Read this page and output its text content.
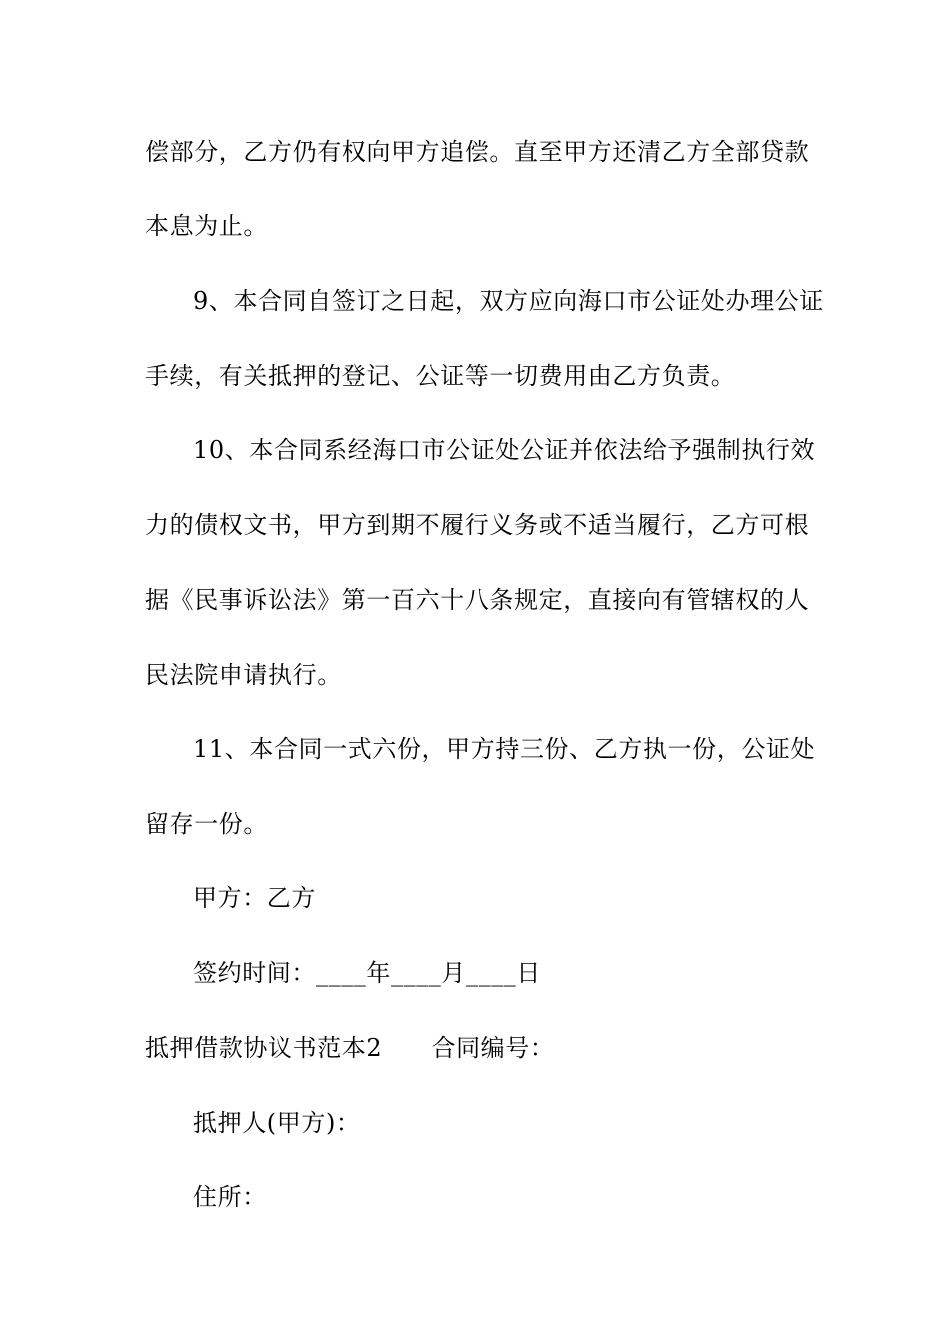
偿部分，乙方仍有权向甲方追偿。直至甲方还清乙方全部贷款
本息为止。
9、本合同自签订之日起，双方应向海口市公证处办理公证
手续，有关抵押的登记、公证等一切费用由乙方负责。
10、本合同系经海口市公证处公证并依法给予强制执行效
力的债权文书，甲方到期不履行义务或不适当履行，乙方可根
据《民事诉讼法》第一百六十八条规定，直接向有管辖权的人
民法院申请执行。
11、本合同一式六份，甲方持三份、乙方执一份，公证处
留存一份。
甲方：乙方
签约时间：____年____月____日
抵押借款协议书范本2　　合同编号：
抵押人(甲方)：
住所：
